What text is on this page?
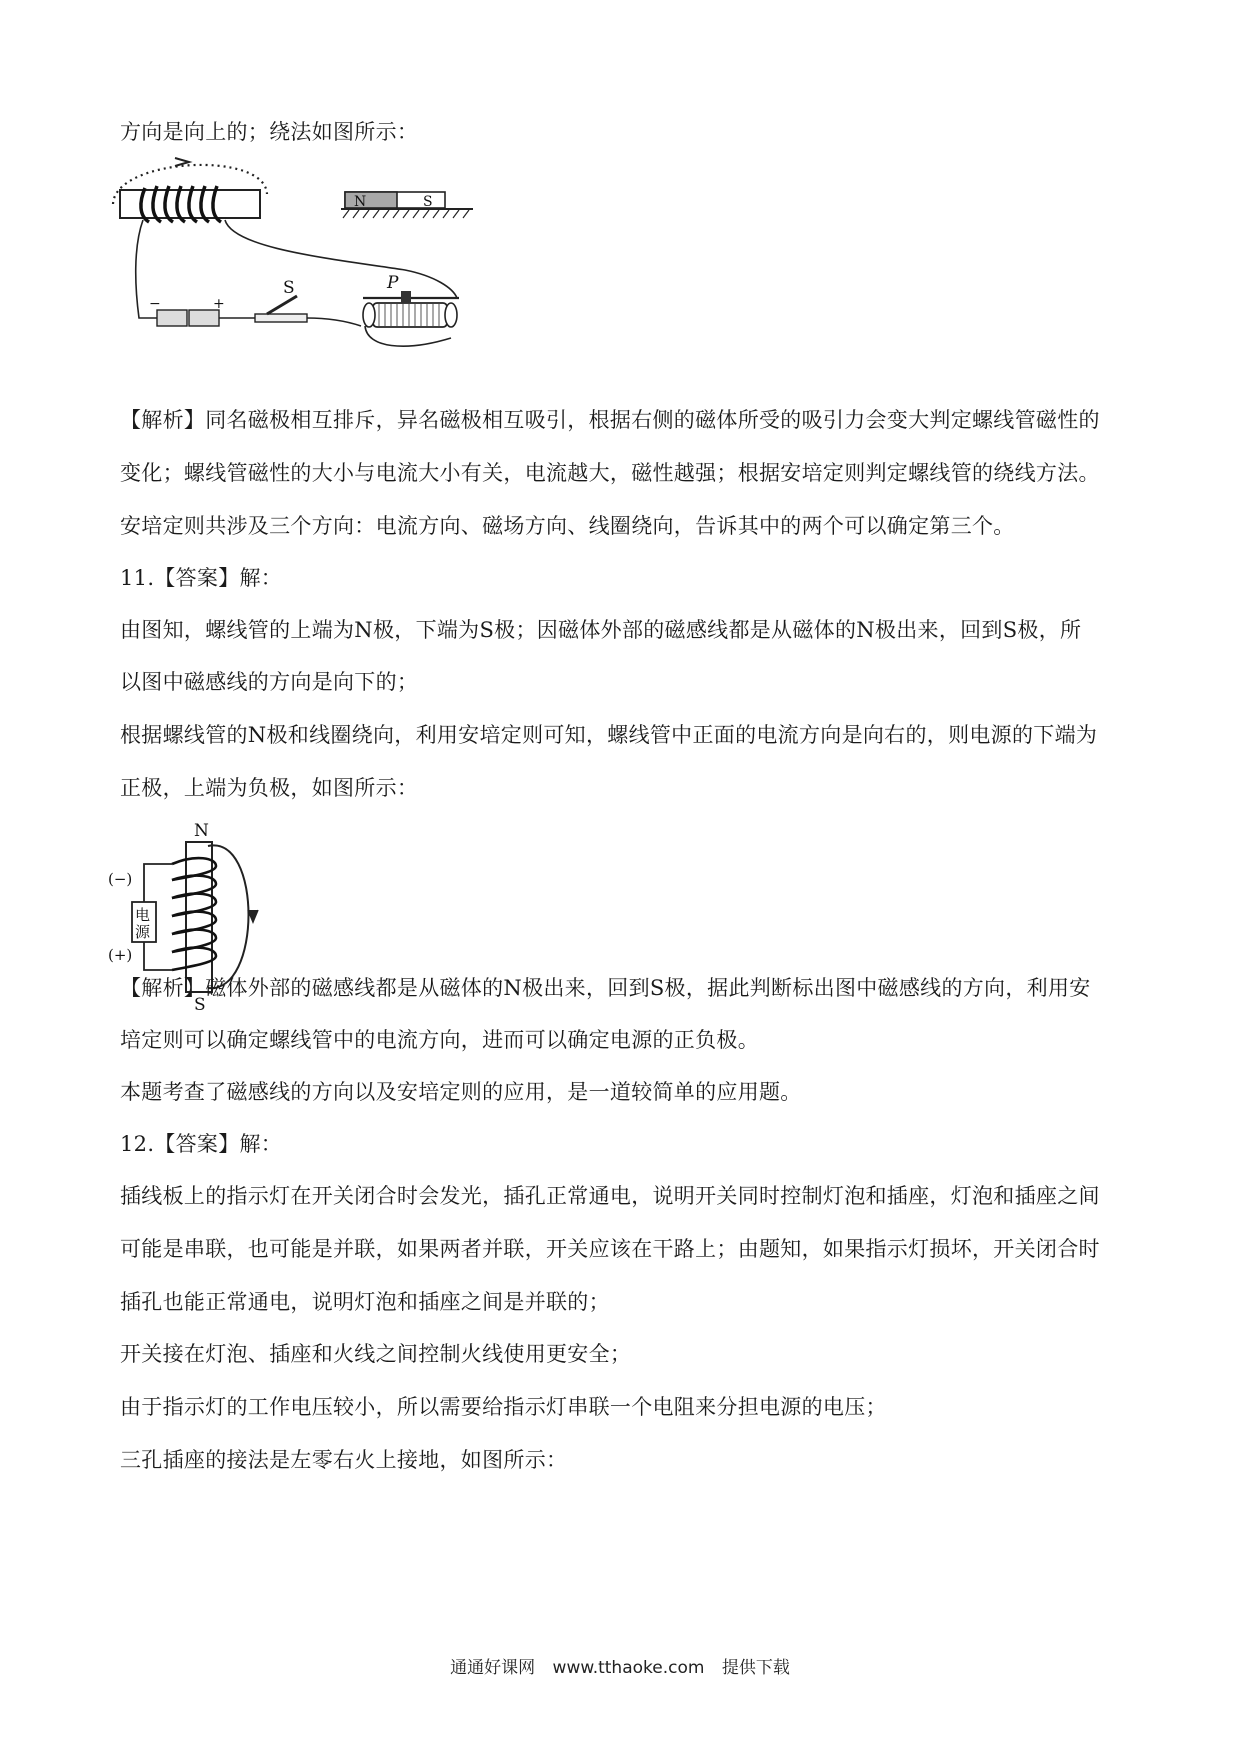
方向是向上的；绕法如图所示：
N	S
−	+
S	P
【解析】同名磁极相互排斥，异名磁极相互吸引，根据右侧的磁体所受的吸引力会变大判定螺线管磁性的
变化；螺线管磁性的大小与电流大小有关，电流越大，磁性越强；根据安培定则判定螺线管的绕线方法。
安培定则共涉及三个方向：电流方向、磁场方向、线圈绕向，告诉其中的两个可以确定第三个。
11.【答案】解：
由图知，螺线管的上端为N极，下端为S极；因磁体外部的磁感线都是从磁体的N极出来，回到S极，所
以图中磁感线的方向是向下的；
根据螺线管的N极和线圈绕向，利用安培定则可知，螺线管中正面的电流方向是向右的，则电源的下端为
正极，上端为负极，如图所示：
N
S
电
源
(−)
(+)
【解析】磁体外部的磁感线都是从磁体的N极出来，回到S极，据此判断标出图中磁感线的方向，利用安
培定则可以确定螺线管中的电流方向，进而可以确定电源的正负极。
本题考查了磁感线的方向以及安培定则的应用，是一道较简单的应用题。
12.【答案】解：
插线板上的指示灯在开关闭合时会发光，插孔正常通电，说明开关同时控制灯泡和插座，灯泡和插座之间
可能是串联，也可能是并联，如果两者并联，开关应该在干路上；由题知，如果指示灯损坏，开关闭合时
插孔也能正常通电，说明灯泡和插座之间是并联的；
开关接在灯泡、插座和火线之间控制火线使用更安全；
由于指示灯的工作电压较小，所以需要给指示灯串联一个电阻来分担电源的电压；
三孔插座的接法是左零右火上接地，如图所示：
通通好课网 www.tthaoke.com 提供下载
